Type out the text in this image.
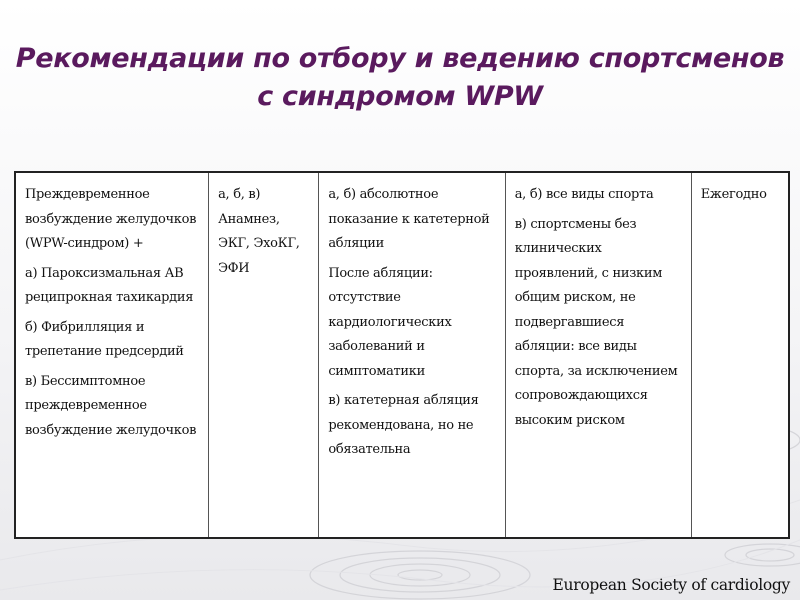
Рекомендации по отбору и ведению спортсменов
с синдромом WPW
Преждевременное возбуждение желудочков (WPW-синдром) +
а) Пароксизмальная АВ реципрокная тахикардия
б) Фибрилляция и трепетание предсердий
в) Бессимптомное преждевременное возбуждение желудочков

а, б, в) Анамнез, ЭКГ, ЭхоКГ, ЭФИ

а, б) абсолютное показание к катетерной абляции
После абляции: отсутствие кардиологических заболеваний и симптоматики
в) катетерная абляция рекомендована, но не обязательна

а, б) все виды спорта
в) спортсмены без клинических проявлений, с низким общим риском, не подвергавшиеся абляции: все виды спорта, за исключением сопровождающихся высоким риском

Ежегодно
European Society of cardiology
